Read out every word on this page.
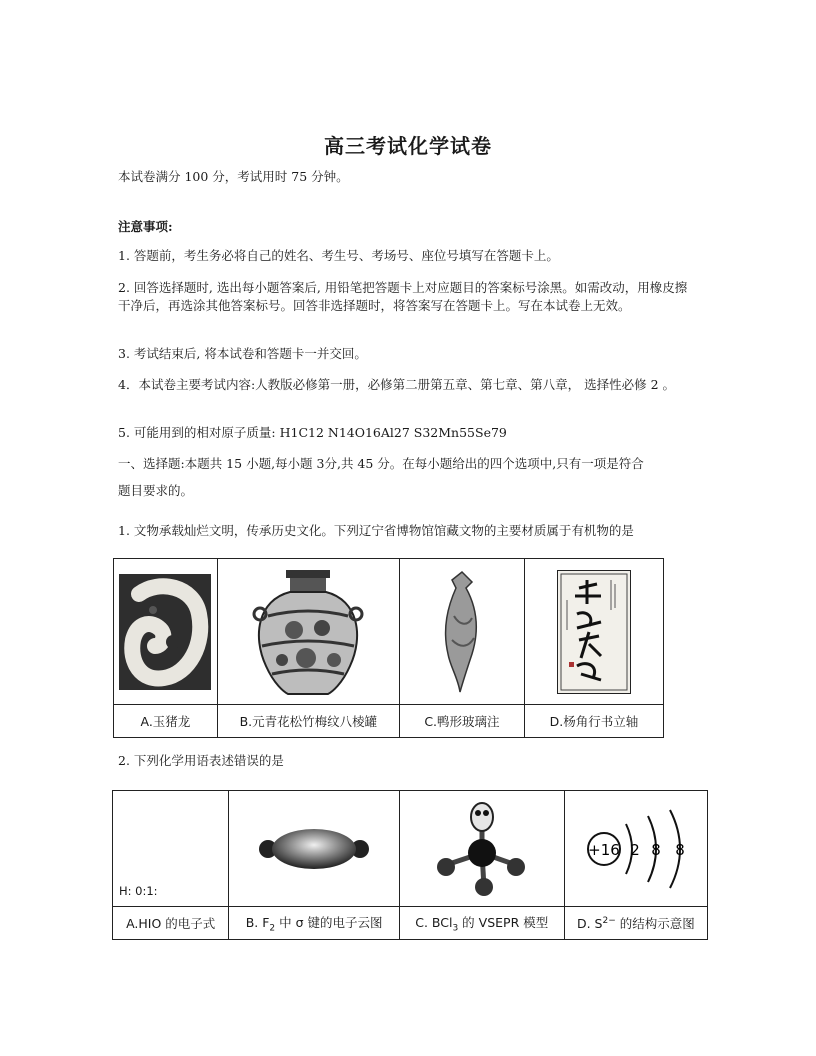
高三考试化学试卷
本试卷满分 100 分，考试用时 75 分钟。
注意事项:
1. 答题前，考生务必将自己的姓名、考生号、考场号、座位号填写在答题卡上。
2. 回答选择题时, 选出每小题答案后, 用铅笔把答题卡上对应题目的答案标号涂黑。如需改动，用橡皮擦干净后，再选涂其他答案标号。回答非选择题时，将答案写在答题卡上。写在本试卷上无效。
3. 考试结束后, 将本试卷和答题卡一并交回。
4．本试卷主要考试内容:人教版必修第一册，必修第二册第五章、第七章、第八章， 选择性必修 2 。
5. 可能用到的相对原子质量: H1C12 N14O16Al27 S32Mn55Se79
一、选择题:本题共 15 小题,每小题 3分,共 45 分。在每小题给出的四个选项中,只有一项是符合
题目要求的。
1. 文物承载灿烂文明，传承历史文化。下列辽宁省博物馆馆藏文物的主要材质属于有机物的是

A.玉猪龙	B.元青花松竹梅纹八棱罐	C.鸭形玻璃注	D.杨角行书立轴
2. 下列化学用语表述错误的是
H: 0:1:			+16 2 8 8

A.HIO 的电子式	B. $F_2$ 中 σ 键的电子云图	C. BCl$_3$ 的 VSEPR 模型	D. $S^{2-}$ 的结构示意图
